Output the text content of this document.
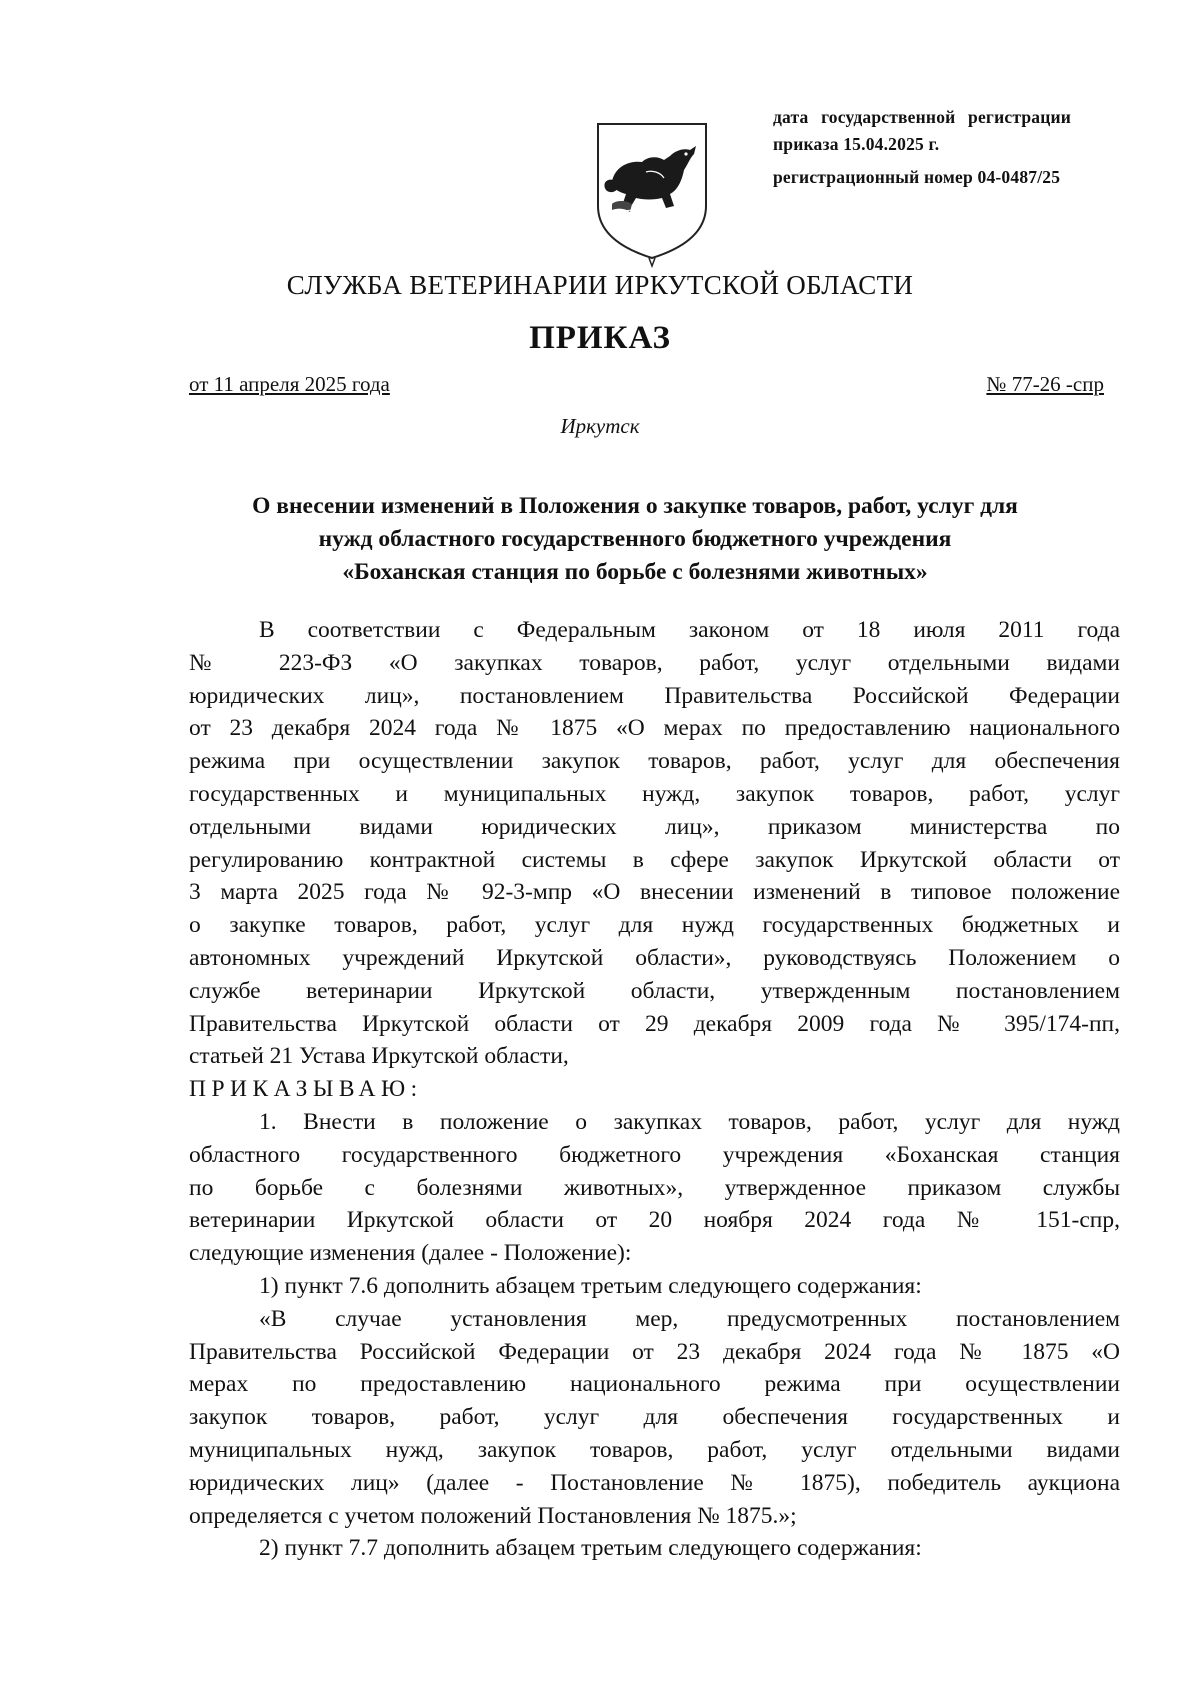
дата государственной регистрации
приказа 15.04.2025 г.
регистрационный номер 04-0487/25
СЛУЖБА ВЕТЕРИНАРИИ ИРКУТСКОЙ ОБЛАСТИ
ПРИКАЗ
от 11 апреля 2025 года	№ 77-26 -спр
Иркутск
О внесении изменений в Положения о закупке товаров, работ, услуг для
нужд областного государственного бюджетного учреждения
«Боханская станция по борьбе с болезнями животных»
В соответствии с Федеральным законом от 18 июля 2011 года
№ 223-ФЗ «О закупках товаров, работ, услуг отдельными видами
юридических лиц», постановлением Правительства Российской Федерации
от 23 декабря 2024 года № 1875 «О мерах по предоставлению национального
режима при осуществлении закупок товаров, работ, услуг для обеспечения
государственных и муниципальных нужд, закупок товаров, работ, услуг
отдельными видами юридических лиц», приказом министерства по
регулированию контрактной системы в сфере закупок Иркутской области от
3 марта 2025 года № 92-3-мпр «О внесении изменений в типовое положение
о закупке товаров, работ, услуг для нужд государственных бюджетных и
автономных учреждений Иркутской области», руководствуясь Положением о
службе ветеринарии Иркутской области, утвержденным постановлением
Правительства Иркутской области от 29 декабря 2009 года № 395/174-пп,
статьей 21 Устава Иркутской области,
ПРИКАЗЫВАЮ:
1. Внести в положение о закупках товаров, работ, услуг для нужд
областного государственного бюджетного учреждения «Боханская станция
по борьбе с болезнями животных», утвержденное приказом службы
ветеринарии Иркутской области от 20 ноября 2024 года № 151-спр,
следующие изменения (далее - Положение):
1) пункт 7.6 дополнить абзацем третьим следующего содержания:
«В случае установления мер, предусмотренных постановлением
Правительства Российской Федерации от 23 декабря 2024 года № 1875 «О
мерах по предоставлению национального режима при осуществлении
закупок товаров, работ, услуг для обеспечения государственных и
муниципальных нужд, закупок товаров, работ, услуг отдельными видами
юридических лиц» (далее - Постановление № 1875), победитель аукциона
определяется с учетом положений Постановления № 1875.»;
2) пункт 7.7 дополнить абзацем третьим следующего содержания:
